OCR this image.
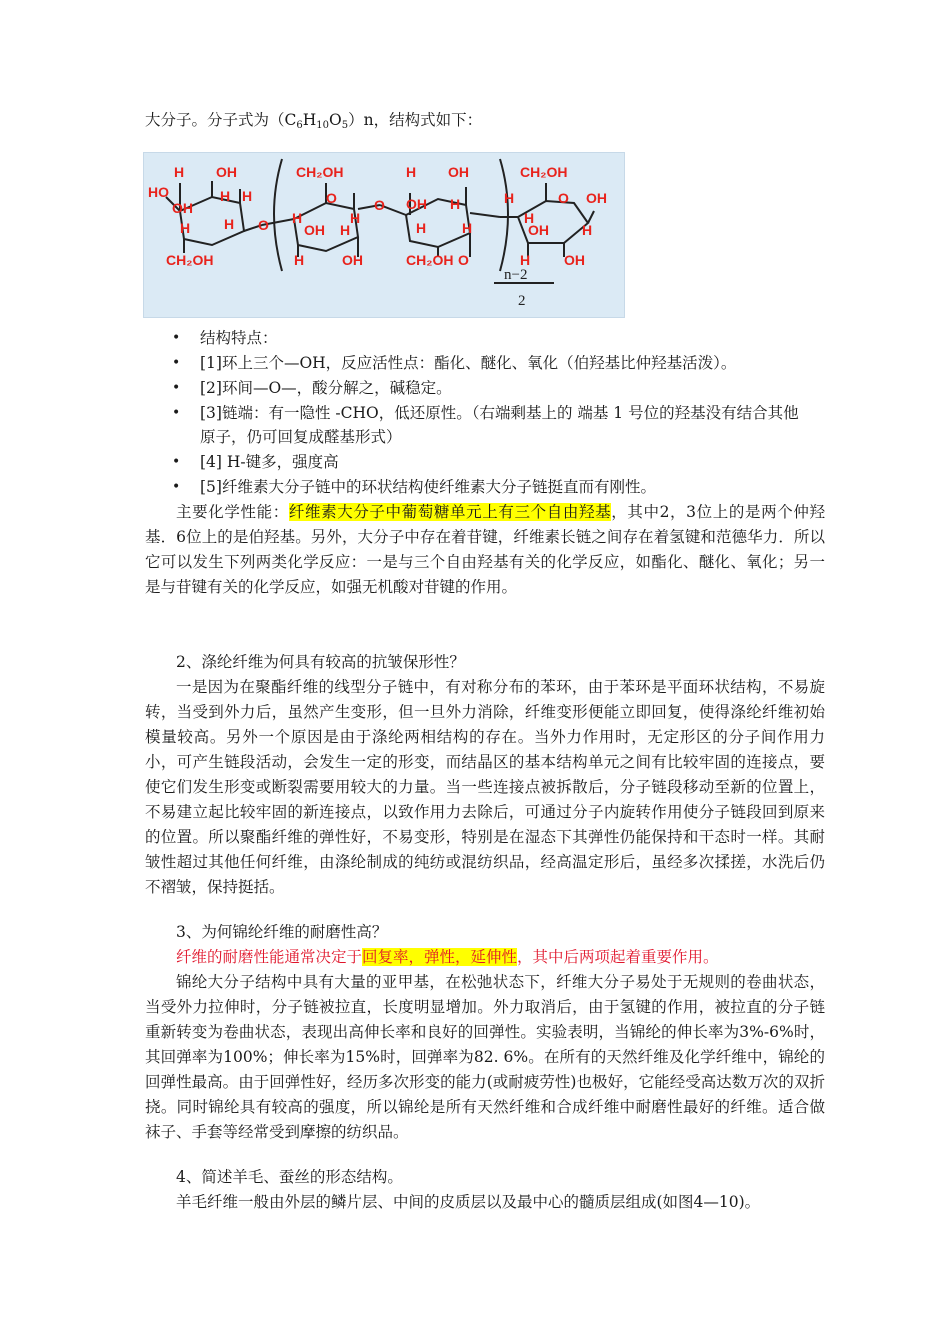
大分子。分子式为$(C_6H_{10}O_5)n$，结构式如下：
H OH
HO
OH
H H
H H
CH₂OH
O
CH₂OH
O
H
OH H
H
H	OH
O
H OH
OH H
H	H
CH₂OH O
CH₂OH
O OH
H
H
OH H
H OH
n−2
2
• 结构特点：
• [1]环上三个—OH，反应活性点：酯化、醚化、氧化（伯羟基比仲羟基活泼）。
• [2]环间—O—，酸分解之，碱稳定。
• [3]链端：有一隐性 -CHO，低还原性。（右端剩基上的 端基 1 号位的羟基没有结合其他原子，仍可回复成醛基形式）
• [4] H-键多，强度高
• [5]纤维素大分子链中的环状结构使纤维素大分子链挺直而有刚性。
主要化学性能：纤维素大分子中葡萄糖单元上有三个自由羟基，其中2，3位上的是两个仲羟基．6位上的是伯羟基。另外，大分子中存在着苷键，纤维素长链之间存在着氢键和范德华力．所以它可以发生下列两类化学反应：一是与三个自由羟基有关的化学反应，如酯化、醚化、氧化；另一是与苷键有关的化学反应，如强无机酸对苷键的作用。
2、涤纶纤维为何具有较高的抗皱保形性？
一是因为在聚酯纤维的线型分子链中，有对称分布的苯环，由于苯环是平面环状结构，不易旋转，当受到外力后，虽然产生变形，但一旦外力消除，纤维变形便能立即回复，使得涤纶纤维初始模量较高。另外一个原因是由于涤纶两相结构的存在。当外力作用时，无定形区的分子间作用力小，可产生链段活动，会发生一定的形变，而结晶区的基本结构单元之间有比较牢固的连接点，要使它们发生形变或断裂需要用较大的力量。当一些连接点被拆散后，分子链段移动至新的位置上，不易建立起比较牢固的新连接点，以致作用力去除后，可通过分子内旋转作用使分子链段回到原来的位置。所以聚酯纤维的弹性好，不易变形，特别是在湿态下其弹性仍能保持和干态时一样。其耐皱性超过其他任何纤维，由涤纶制成的纯纺或混纺织品，经高温定形后，虽经多次揉搓，水洗后仍不褶皱，保持挺括。
3、为何锦纶纤维的耐磨性高？
纤维的耐磨性能通常决定于回复率，弹性，延伸性，其中后两项起着重要作用。
锦纶大分子结构中具有大量的亚甲基，在松弛状态下，纤维大分子易处于无规则的卷曲状态，当受外力拉伸时，分子链被拉直，长度明显增加。外力取消后，由于氢键的作用，被拉直的分子链重新转变为卷曲状态，表现出高伸长率和良好的回弹性。实验表明，当锦纶的伸长率为3%-6%时，其回弹率为100%；伸长率为15%时，回弹率为82. 6%。在所有的天然纤维及化学纤维中，锦纶的回弹性最高。由于回弹性好，经历多次形变的能力(或耐疲劳性)也极好，它能经受高达数万次的双折挠。同时锦纶具有较高的强度，所以锦纶是所有天然纤维和合成纤维中耐磨性最好的纤维。适合做袜子、手套等经常受到摩擦的纺织品。
4、简述羊毛、蚕丝的形态结构。
羊毛纤维一般由外层的鳞片层、中间的皮质层以及最中心的髓质层组成(如图4—10)。
